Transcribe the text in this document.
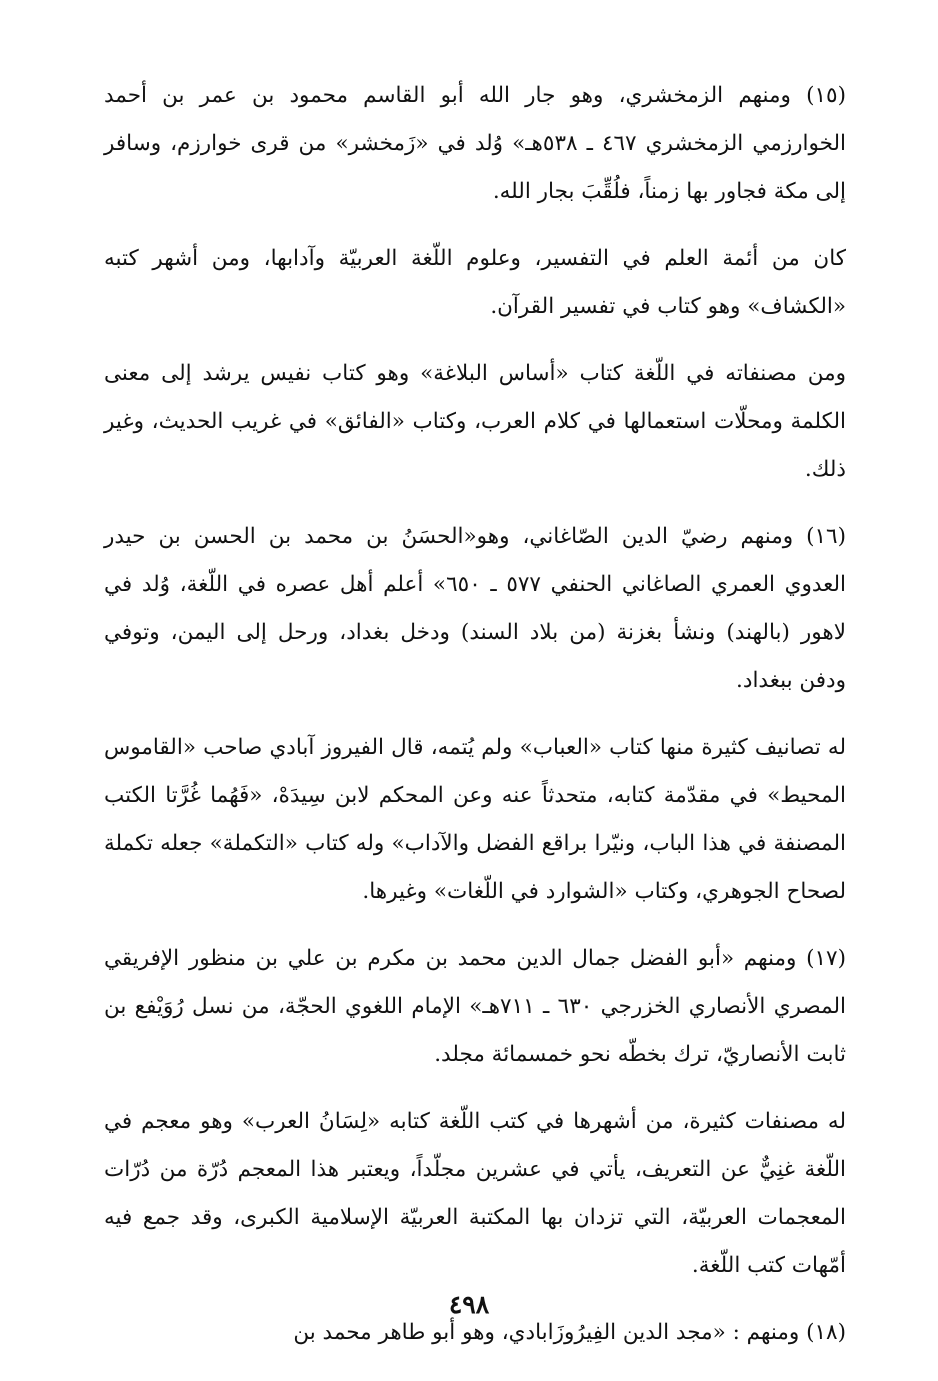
(١٥) ومنهم الزمخشري، وهو جار الله أبو القاسم محمود بن عمر بن أحمد الخوارزمي الزمخشري ٤٦٧ ـ ٥٣٨هـ» وُلد في «زَمخشر» من قرى خوارزم، وسافر إلى مكة فجاور بها زمناً، فلُقِّبَ بجار الله.

كان من أئمة العلم في التفسير، وعلوم اللّغة العربيّة وآدابها، ومن أشهر كتبه «الكشاف» وهو كتاب في تفسير القرآن.

ومن مصنفاته في اللّغة كتاب «أساس البلاغة» وهو كتاب نفيس يرشد إلى معنى الكلمة ومحلّات استعمالها في كلام العرب، وكتاب «الفائق» في غريب الحديث، وغير ذلك.

(١٦) ومنهم رضيّ الدين الصّاغاني، وهو«الحسَنُ بن محمد بن الحسن بن حيدر العدوي العمري الصاغاني الحنفي ٥٧٧ ـ ٦٥٠» أعلم أهل عصره في اللّغة، وُلد في لاهور (بالهند) ونشأ بغزنة (من بلاد السند) ودخل بغداد، ورحل إلى اليمن، وتوفي ودفن ببغداد.

له تصانيف كثيرة منها كتاب «العباب» ولم يُتمه، قال الفيروز آبادي صاحب «القاموس المحيط» في مقدّمة كتابه، متحدثاً عنه وعن المحكم لابن سِيدَهْ، «فَهُما غُرَّتا الكتب المصنفة في هذا الباب، ونيّرا براقع الفضل والآداب» وله كتاب «التكملة» جعله تكملة لصحاح الجوهري، وكتاب «الشوارد في اللّغات» وغيرها.

(١٧) ومنهم «أبو الفضل جمال الدين محمد بن مكرم بن علي بن منظور الإفريقي المصري الأنصاري الخزرجي ٦٣٠ ـ ٧١١هـ» الإمام اللغوي الحجّة، من نسل رُوَيْفع بن ثابت الأنصاريّ، ترك بخطّه نحو خمسمائة مجلد.

له مصنفات كثيرة، من أشهرها في كتب اللّغة كتابه «لِسَانُ العرب» وهو معجم في اللّغة غنِيٌّ عن التعريف، يأتي في عشرين مجلّداً، ويعتبر هذا المعجم دُرّة من دُرّات المعجمات العربيّة، التي تزدان بها المكتبة العربيّة الإسلامية الكبرى، وقد جمع فيه أمّهات كتب اللّغة.

(١٨) ومنهم : «مجد الدين الفِيرُوزَابادي، وهو أبو طاهر محمد بن

٤٩٨
